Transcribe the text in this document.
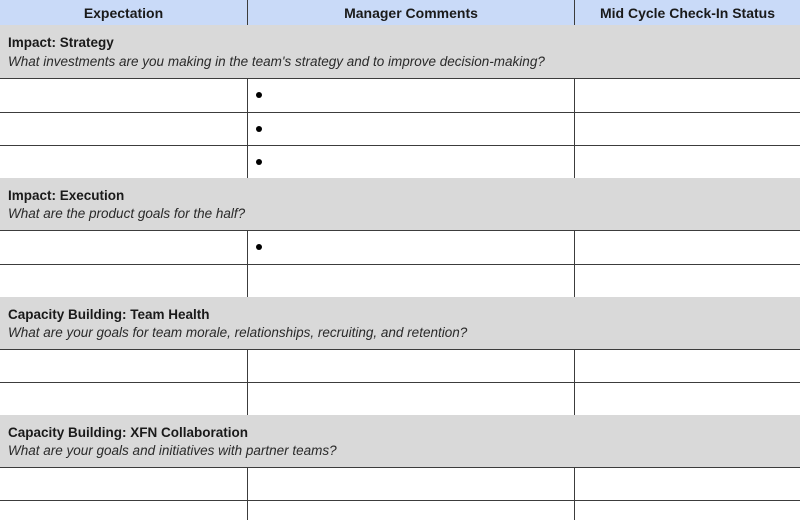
Expectation	Manager Comments	Mid Cycle Check-In Status
Impact: Strategy
What investments are you making in the team's strategy and to improve decision-making?
Impact: Execution
What are the product goals for the half?
Capacity Building: Team Health
What are your goals for team morale, relationships, recruiting, and retention?
Capacity Building: XFN Collaboration
What are your goals and initiatives with partner teams?
